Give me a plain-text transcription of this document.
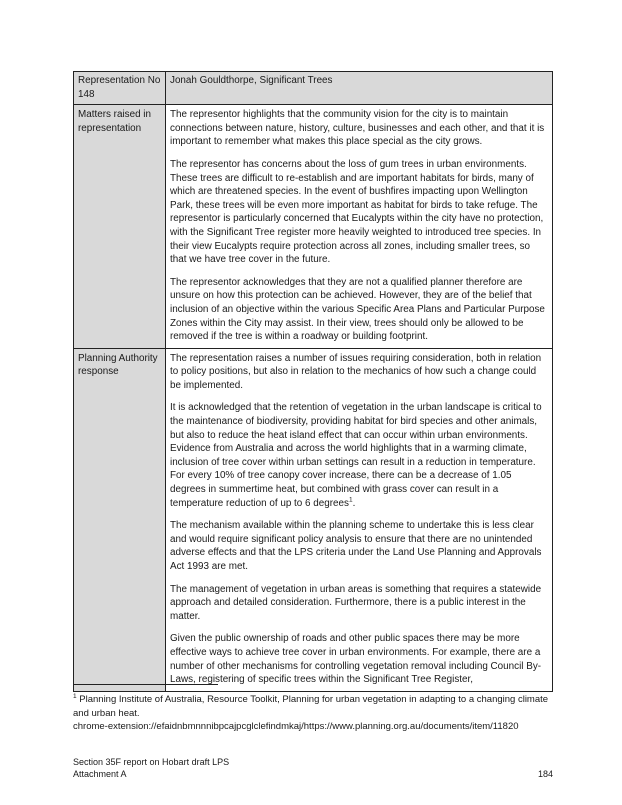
Representation No 148	Jonah Gouldthorpe, Significant Trees
Matters raised in representation	The representor highlights that the community vision for the city is to maintain connections between nature, history, culture, businesses and each other, and that it is important to remember what makes this place special as the city grows.

The representor has concerns about the loss of gum trees in urban environments. These trees are difficult to re-establish and are important habitats for birds, many of which are threatened species. In the event of bushfires impacting upon Wellington Park, these trees will be even more important as habitat for birds to take refuge. The representor is particularly concerned that Eucalypts within the city have no protection, with the Significant Tree register more heavily weighted to introduced tree species. In their view Eucalypts require protection across all zones, including smaller trees, so that we have tree cover in the future.

The representor acknowledges that they are not a qualified planner therefore are unsure on how this protection can be achieved. However, they are of the belief that inclusion of an objective within the various Specific Area Plans and Particular Purpose Zones within the City may assist. In their view, trees should only be allowed to be removed if the tree is within a roadway or building footprint.

Planning Authority response	The representation raises a number of issues requiring consideration, both in relation to policy positions, but also in relation to the mechanics of how such a change could be implemented.

It is acknowledged that the retention of vegetation in the urban landscape is critical to the maintenance of biodiversity, providing habitat for bird species and other animals, but also to reduce the heat island effect that can occur within urban environments. Evidence from Australia and across the world highlights that in a warming climate, inclusion of tree cover within urban settings can result in a reduction in temperature. For every 10% of tree canopy cover increase, there can be a decrease of 1.05 degrees in summertime heat, but combined with grass cover can result in a temperature reduction of up to 6 degrees$^1$.

The mechanism available within the planning scheme to undertake this is less clear and would require significant policy analysis to ensure that there are no unintended adverse effects and that the LPS criteria under the Land Use Planning and Approvals Act 1993 are met.

The management of vegetation in urban areas is something that requires a statewide approach and detailed consideration. Furthermore, there is a public interest in the matter.

Given the public ownership of roads and other public spaces there may be more effective ways to achieve tree cover in urban environments. For example, there are a number of other mechanisms for controlling vegetation removal including Council By-Laws, registering of specific trees within the Significant Tree Register,

$^1$ Planning Institute of Australia, Resource Toolkit, Planning for urban vegetation in adapting to a changing climate and urban heat.

chrome-extension://efaidnbmnnnibpcajpcglclefindmkaj/https://www.planning.org.au/documents/item/11820

Section 35F report on Hobart draft LPS
Attachment A	184
